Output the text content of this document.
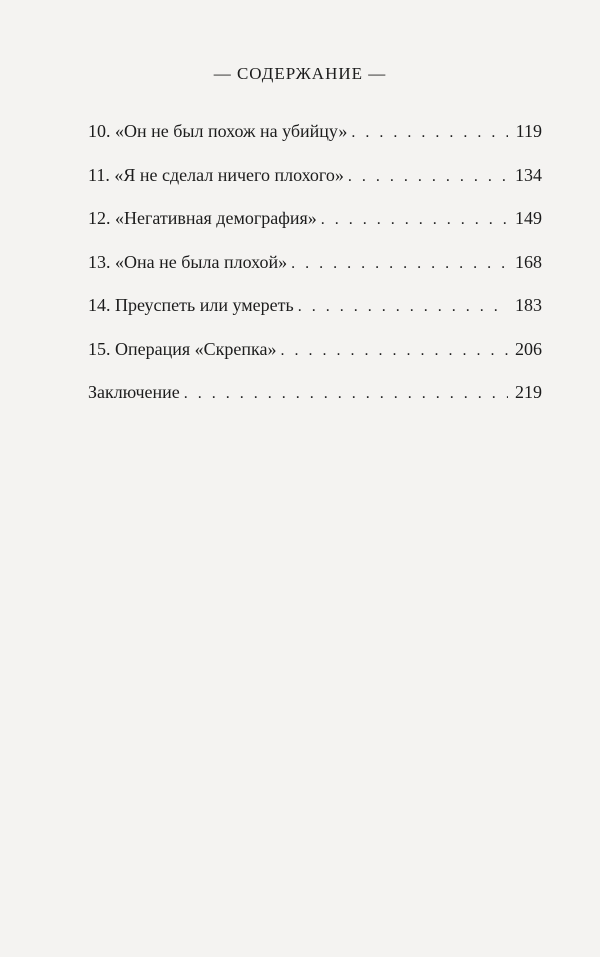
— СОДЕРЖАНИЕ —
10. «Он не был похож на убийцу» . . .	119
11. «Я не сделал ничего плохого» . . .	134
12. «Негативная демография» . . .	149
13. «Она не была плохой» . . .	168
14. Преуспеть или умереть . . .	183
15. Операция «Скрепка» . . .	206
Заключение . . .	219
